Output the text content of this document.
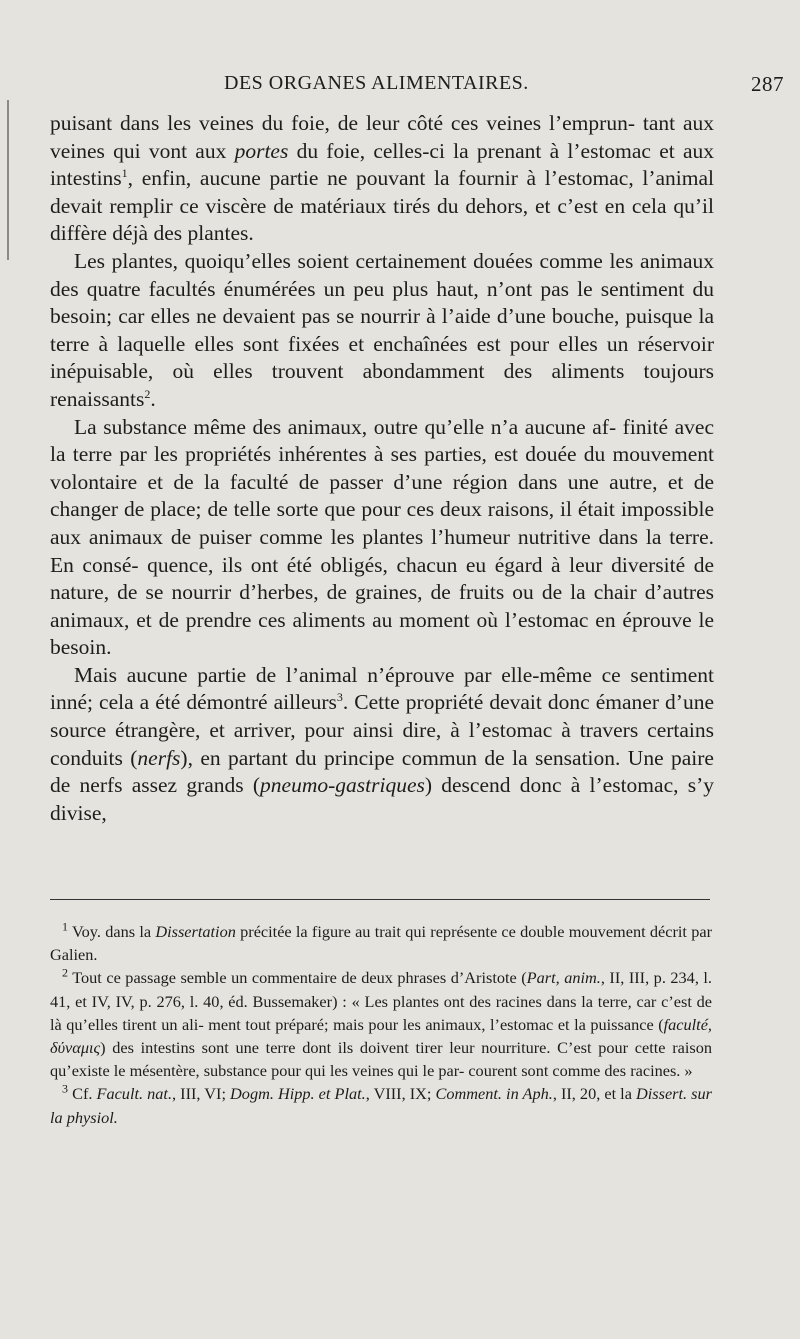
DES ORGANES ALIMENTAIRES.	287

puisant dans les veines du foie, de leur côté ces veines l’emprun- tant aux veines qui vont aux portes du foie, celles-ci la prenant à l’estomac et aux intestins$^1$, enfin, aucune partie ne pouvant la fournir à l’estomac, l’animal devait remplir ce viscère de matériaux tirés du dehors, et c’est en cela qu’il diffère déjà des plantes.

Les plantes, quoiqu’elles soient certainement douées comme les animaux des quatre facultés énumérées un peu plus haut, n’ont pas le sentiment du besoin; car elles ne devaient pas se nourrir à l’aide d’une bouche, puisque la terre à laquelle elles sont fixées et enchaînées est pour elles un réservoir inépuisable, où elles trouvent abondamment des aliments toujours renaissants$^2$.

La substance même des animaux, outre qu’elle n’a aucune af- finité avec la terre par les propriétés inhérentes à ses parties, est douée du mouvement volontaire et de la faculté de passer d’une région dans une autre, et de changer de place; de telle sorte que pour ces deux raisons, il était impossible aux animaux de puiser comme les plantes l’humeur nutritive dans la terre. En consé- quence, ils ont été obligés, chacun eu égard à leur diversité de nature, de se nourrir d’herbes, de graines, de fruits ou de la chair d’autres animaux, et de prendre ces aliments au moment où l’estomac en éprouve le besoin.

Mais aucune partie de l’animal n’éprouve par elle-même ce sentiment inné; cela a été démontré ailleurs$^3$. Cette propriété devait donc émaner d’une source étrangère, et arriver, pour ainsi dire, à l’estomac à travers certains conduits (nerfs), en partant du principe commun de la sensation. Une paire de nerfs assez grands (pneumo-gastriques) descend donc à l’estomac, s’y divise,

$^1$ Voy. dans la Dissertation précitée la figure au trait qui représente ce double mouvement décrit par Galien.

$^2$ Tout ce passage semble un commentaire de deux phrases d’Aristote (Part, anim., II, III, p. 234, l. 41, et IV, IV, p. 276, l. 40, éd. Bussemaker) : « Les plantes ont des racines dans la terre, car c’est de là qu’elles tirent un ali- ment tout préparé; mais pour les animaux, l’estomac et la puissance (faculté, δύναμις) des intestins sont une terre dont ils doivent tirer leur nourriture. C’est pour cette raison qu’existe le mésentère, substance pour qui les veines qui le par- courent sont comme des racines. »

$^3$ Cf. Facult. nat., III, VI; Dogm. Hipp. et Plat., VIII, IX; Comment. in Aph., II, 20, et la Dissert. sur la physiol.
